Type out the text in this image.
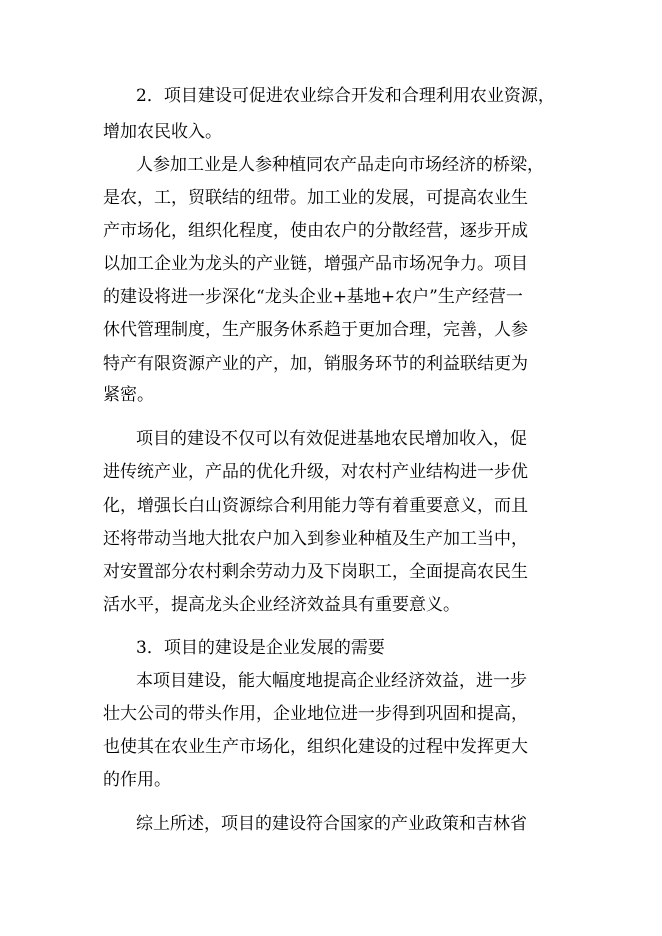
2．项目建设可促进农业综合开发和合理利用农业资源，
增加农民收入。
人参加工业是人参种植同农产品走向市场经济的桥梁，
是农，工，贸联结的纽带。加工业的发展，可提高农业生
产市场化，组织化程度，使由农户的分散经营，逐步开成
以加工企业为龙头的产业链，增强产品市场况争力。项目
的建设将进一步深化“龙头企业+基地+农户”生产经营一
休代管理制度，生产服务休系趋于更加合理，完善，人参
特产有限资源产业的产，加，销服务环节的利益联结更为
紧密。
项目的建设不仅可以有效促进基地农民增加收入，促
进传统产业，产品的优化升级，对农村产业结构进一步优
化，增强长白山资源综合利用能力等有着重要意义，而且
还将带动当地大批农户加入到参业种植及生产加工当中，
对安置部分农村剩余劳动力及下岗职工，全面提高农民生
活水平，提高龙头企业经济效益具有重要意义。
3．项目的建设是企业发展的需要
本项目建设，能大幅度地提高企业经济效益，进一步
壮大公司的带头作用，企业地位进一步得到巩固和提高，
也使其在农业生产市场化，组织化建设的过程中发挥更大
的作用。
综上所述，项目的建设符合国家的产业政策和吉林省
